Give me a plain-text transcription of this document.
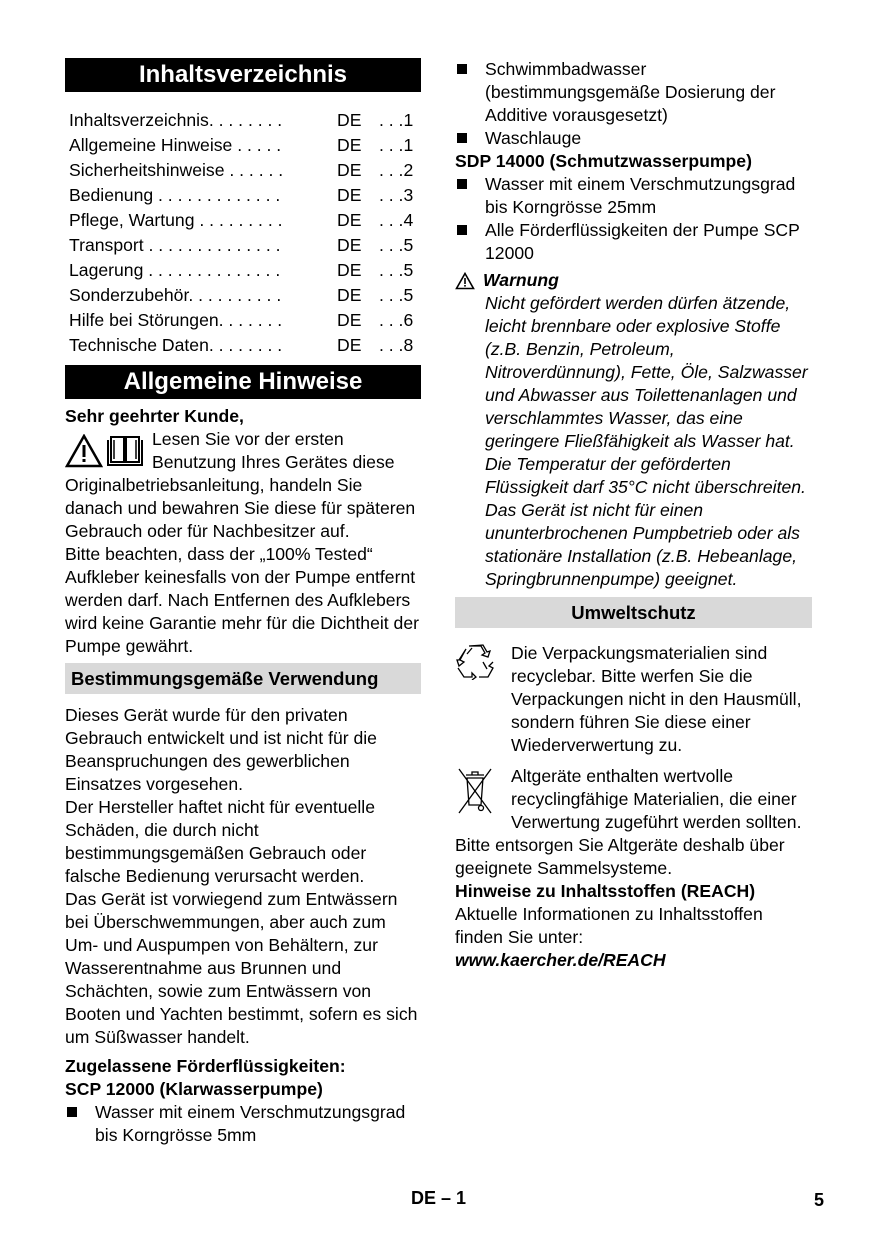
Inhaltsverzeichnis
Inhaltsverzeichnis. . . . . . . .	DE . . .1
Allgemeine Hinweise . . . . .	DE . . .1
Sicherheitshinweise . . . . . .	DE . . .2
Bedienung . . . . . . . . . . . . .	DE . . .3
Pflege, Wartung . . . . . . . . .	DE . . .4
Transport . . . . . . . . . . . . . .	DE . . .5
Lagerung . . . . . . . . . . . . . .	DE . . .5
Sonderzubehör. . . . . . . . . .	DE . . .5
Hilfe bei Störungen. . . . . . .	DE . . .6
Technische Daten. . . . . . . .	DE . . .8
Allgemeine Hinweise

Sehr geehrter Kunde,

Lesen Sie vor der ersten Benutzung Ihres Gerätes diese Originalbetriebsanleitung, handeln Sie danach und bewahren Sie diese für späteren Gebrauch oder für Nachbesitzer auf.

Bitte beachten, dass der „100% Tested“ Aufkleber keinesfalls von der Pumpe entfernt werden darf. Nach Entfernen des Aufklebers wird keine Garantie mehr für die Dichtheit der Pumpe gewährt.

Bestimmungsgemäße Verwendung

Dieses Gerät wurde für den privaten Gebrauch entwickelt und ist nicht für die Beanspruchungen des gewerblichen Einsatzes vorgesehen.

Der Hersteller haftet nicht für eventuelle Schäden, die durch nicht bestimmungsgemäßen Gebrauch oder falsche Bedienung verursacht werden.

Das Gerät ist vorwiegend zum Entwässern bei Überschwemmungen, aber auch zum Um- und Auspumpen von Behältern, zur Wasserentnahme aus Brunnen und Schächten, sowie zum Entwässern von Booten und Yachten bestimmt, sofern es sich um Süßwasser handelt.

Zugelassene Förderflüssigkeiten:

SCP 12000 (Klarwasserpumpe)

Wasser mit einem Verschmutzungsgrad bis Korngrösse 5mm
Schwimmbadwasser (bestimmungsgemäße Dosierung der Additive vorausgesetzt)
Waschlauge

SDP 14000 (Schmutzwasserpumpe)

Wasser mit einem Verschmutzungsgrad bis Korngrösse 25mm
Alle Förderflüssigkeiten der Pumpe SCP 12000
Warnung

Nicht gefördert werden dürfen ätzende, leicht brennbare oder explosive Stoffe (z.B. Benzin, Petroleum, Nitroverdünnung), Fette, Öle, Salzwasser und Abwasser aus Toilettenanlagen und verschlammtes Wasser, das eine geringere Fließfähigkeit als Wasser hat. Die Temperatur der geförderten Flüssigkeit darf 35°C nicht überschreiten.

Das Gerät ist nicht für einen ununterbrochenen Pumpbetrieb oder als stationäre Installation (z.B. Hebeanlage, Springbrunnenpumpe) geeignet.

Umweltschutz

Die Verpackungsmaterialien sind recyclebar. Bitte werfen Sie die Verpackungen nicht in den Hausmüll, sondern führen Sie diese einer Wiederverwertung zu.

Altgeräte enthalten wertvolle recyclingfähige Materialien, die einer Verwertung zugeführt werden sollten.

Bitte entsorgen Sie Altgeräte deshalb über geeignete Sammelsysteme.

Hinweise zu Inhaltsstoffen (REACH)

Aktuelle Informationen zu Inhaltsstoffen finden Sie unter:

www.kaercher.de/REACH

DE – 1	5
